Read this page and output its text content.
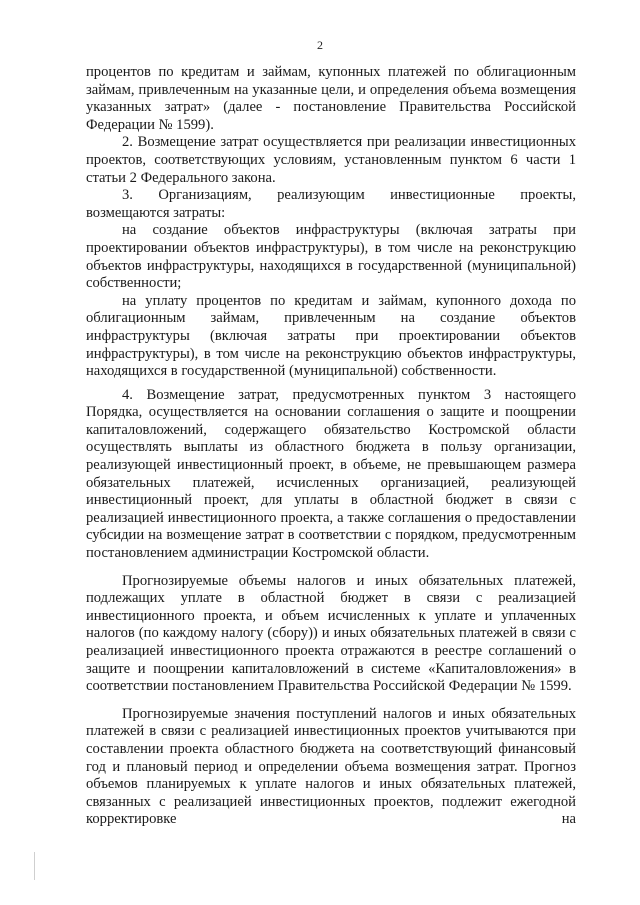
2

процентов по кредитам и займам, купонных платежей по облигационным займам, привлеченным на указанные цели, и определения объема возмещения указанных затрат» (далее - постановление Правительства Российской Федерации № 1599).

2. Возмещение затрат осуществляется при реализации инвестиционных проектов, соответствующих условиям, установленным пунктом 6 части 1 статьи 2 Федерального закона.

3. Организациям, реализующим инвестиционные проекты, возмещаются затраты:

на создание объектов инфраструктуры (включая затраты при проектировании объектов инфраструктуры), в том числе на реконструкцию объектов инфраструктуры, находящихся в государственной (муниципальной) собственности;

на уплату процентов по кредитам и займам, купонного дохода по облигационным займам, привлеченным на создание объектов инфраструктуры (включая затраты при проектировании объектов инфраструктуры), в том числе на реконструкцию объектов инфраструктуры, находящихся в государственной (муниципальной) собственности.

4. Возмещение затрат, предусмотренных пунктом 3 настоящего Порядка, осуществляется на основании соглашения о защите и поощрении капиталовложений, содержащего обязательство Костромской области осуществлять выплаты из областного бюджета в пользу организации, реализующей инвестиционный проект, в объеме, не превышающем размера обязательных платежей, исчисленных организацией, реализующей инвестиционный проект, для уплаты в областной бюджет в связи с реализацией инвестиционного проекта, а также соглашения о предоставлении субсидии на возмещение затрат в соответствии с порядком, предусмотренным постановлением администрации Костромской области.

Прогнозируемые объемы налогов и иных обязательных платежей, подлежащих уплате в областной бюджет в связи с реализацией инвестиционного проекта, и объем исчисленных к уплате и уплаченных налогов (по каждому налогу (сбору)) и иных обязательных платежей в связи с реализацией инвестиционного проекта отражаются в реестре соглашений о защите и поощрении капиталовложений в системе «Капиталовложения» в соответствии постановлением Правительства Российской Федерации № 1599.

Прогнозируемые значения поступлений налогов и иных обязательных платежей в связи с реализацией инвестиционных проектов учитываются при составлении проекта областного бюджета на соответствующий финансовый год и плановый период и определении объема возмещения затрат. Прогноз объемов планируемых к уплате налогов и иных обязательных платежей, связанных с реализацией инвестиционных проектов, подлежит ежегодной корректировке на
